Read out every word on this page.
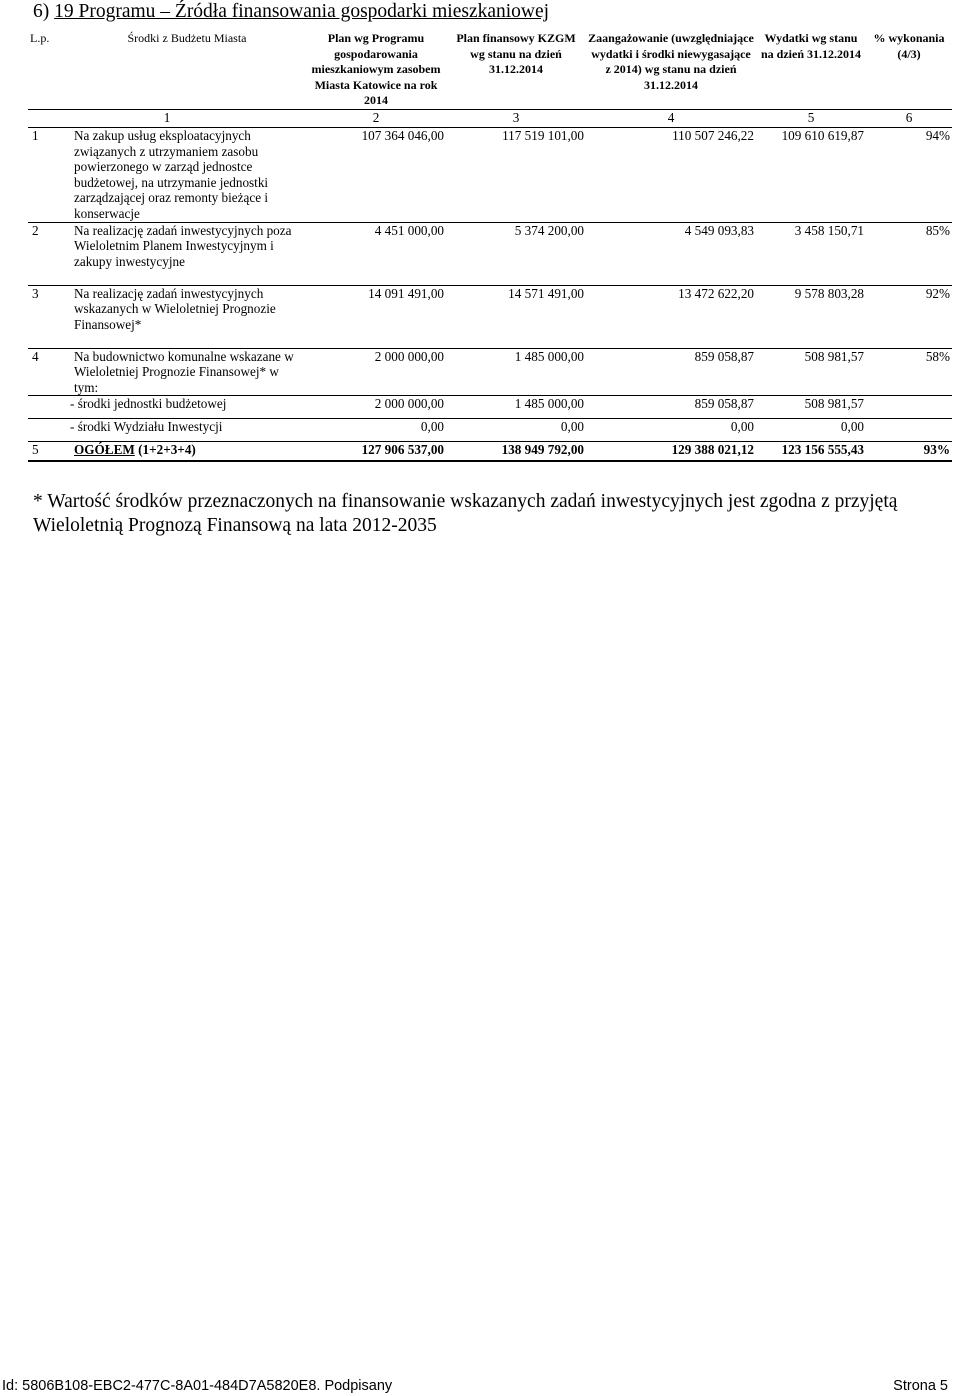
6) 19 Programu – Źródła finansowania gospodarki mieszkaniowej
L.p.	Środki z Budżetu Miasta	Plan wg Programu gospodarowania mieszkaniowym zasobem Miasta Katowice na rok 2014	Plan finansowy KZGM wg stanu na dzień 31.12.2014	Zaangażowanie (uwzględniające wydatki i środki niewygasające z 2014) wg stanu na dzień 31.12.2014	Wydatki wg stanu na dzień 31.12.2014	% wykonania (4/3)
1		2	3	4	5	6
1	Na zakup usług eksploatacyjnych związanych z utrzymaniem zasobu powierzonego w zarząd jednostce budżetowej, na utrzymanie jednostki zarządzającej oraz remonty bieżące i konserwacje	107 364 046,00	117 519 101,00	110 507 246,22	109 610 619,87	94%
2	Na realizację zadań inwestycyjnych poza Wieloletnim Planem Inwestycyjnym i zakupy inwestycyjne	4 451 000,00	5 374 200,00	4 549 093,83	3 458 150,71	85%
3	Na realizację zadań inwestycyjnych wskazanych w Wieloletniej Prognozie Finansowej*	14 091 491,00	14 571 491,00	13 472 622,20	9 578 803,28	92%
4	Na budownictwo komunalne wskazane w Wieloletniej Prognozie Finansowej* w tym:	2 000 000,00	1 485 000,00	859 058,87	508 981,57	58%
	- środki jednostki budżetowej	2 000 000,00	1 485 000,00	859 058,87	508 981,57	
	- środki Wydziału Inwestycji	0,00	0,00	0,00	0,00	
5	OGÓŁEM (1+2+3+4)	127 906 537,00	138 949 792,00	129 388 021,12	123 156 555,43	93%
* Wartość środków przeznaczonych na finansowanie wskazanych zadań inwestycyjnych jest zgodna z przyjętą
Wieloletnią Prognozą Finansową na lata 2012-2035
Id: 5806B108-EBC2-477C-8A01-484D7A5820E8. Podpisany	Strona 5
